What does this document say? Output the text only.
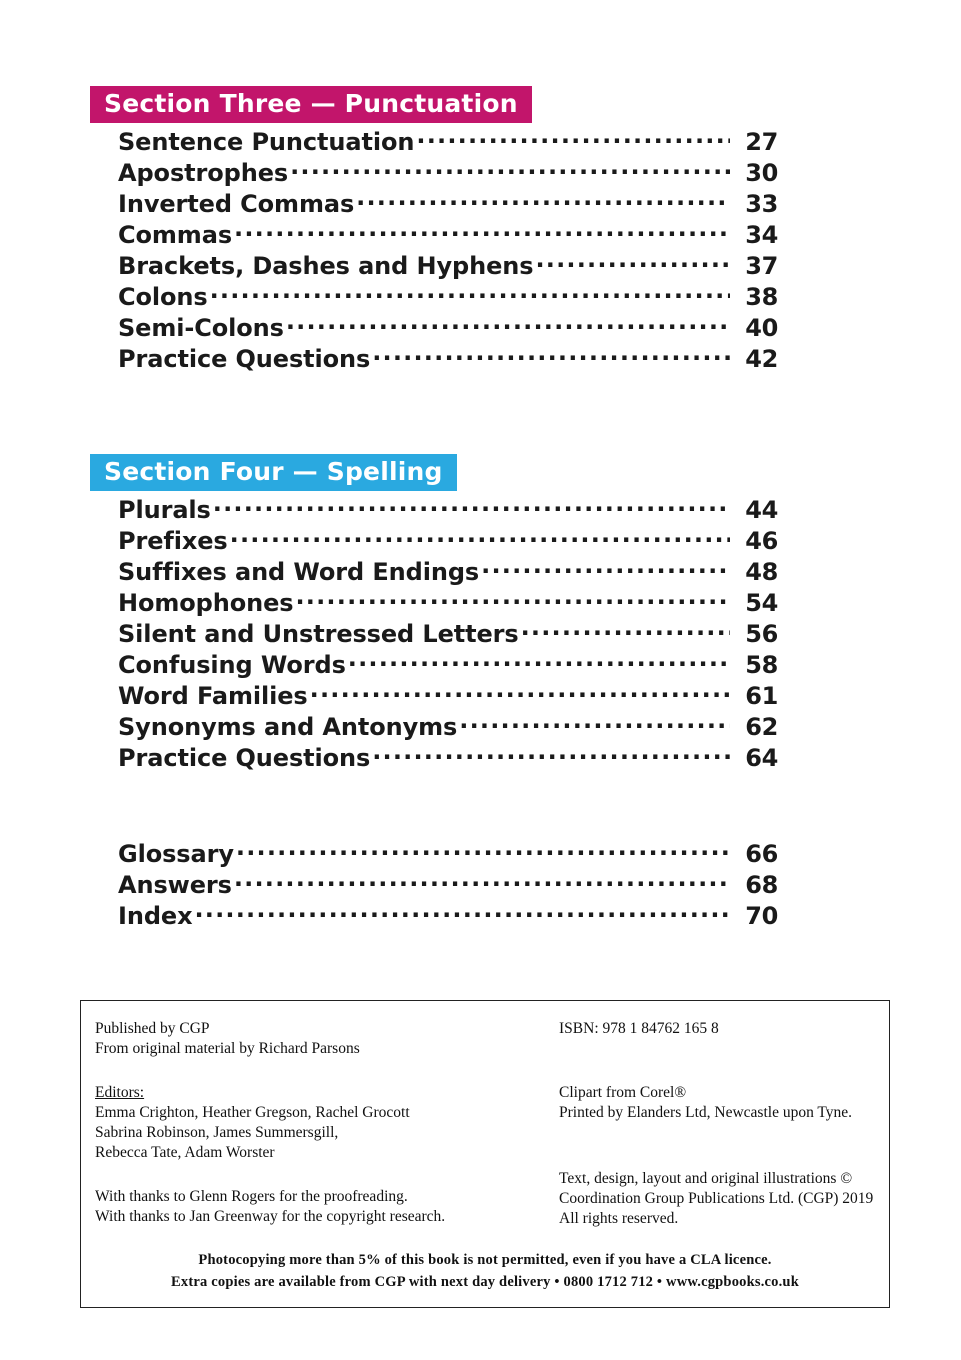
Section Three — Punctuation
Sentence Punctuation .....	27
Apostrophes .....	30
Inverted Commas .....	33
Commas .....	34
Brackets, Dashes and Hyphens .....	37
Colons .....	38
Semi-Colons .....	40
Practice Questions .....	42
Section Four — Spelling
Plurals .....	44
Prefixes .....	46
Suffixes and Word Endings .....	48
Homophones .....	54
Silent and Unstressed Letters .....	56
Confusing Words .....	58
Word Families .....	61
Synonyms and Antonyms .....	62
Practice Questions .....	64
Glossary .....	66
Answers .....	68
Index .....	70
Published by CGP
From original material by Richard Parsons
Editors:
Emma Crighton, Heather Gregson, Rachel Grocott
Sabrina Robinson, James Summersgill,
Rebecca Tate, Adam Worster
With thanks to Glenn Rogers for the proofreading.
With thanks to Jan Greenway for the copyright research.
ISBN: 978 1 84762 165 8
Clipart from Corel®
Printed by Elanders Ltd, Newcastle upon Tyne.
Text, design, layout and original illustrations ©
Coordination Group Publications Ltd. (CGP) 2019
All rights reserved.
Photocopying more than 5% of this book is not permitted, even if you have a CLA licence.
Extra copies are available from CGP with next day delivery • 0800 1712 712 • www.cgpbooks.co.uk
